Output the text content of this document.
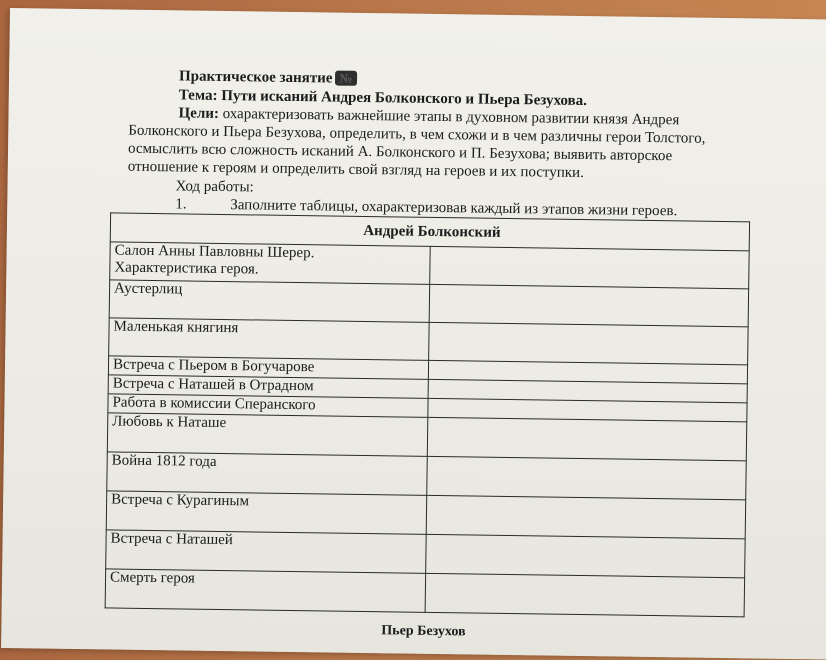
Практическое занятие №
Тема: Пути исканий Андрея Болконского и Пьера Безухова.
Цели: охарактеризовать важнейшие этапы в духовном развитии князя Андрея
Болконского и Пьера Безухова, определить, в чем схожи и в чем различны герои Толстого,
осмыслить всю сложность исканий А. Болконского и П. Безухова; выявить авторское
отношение к героям и определить свой взгляд на героев и их поступки.
Ход работы:
1.	Заполните таблицы, охарактеризовав каждый из этапов жизни героев.
Андрей Болконский	

Салон Анны Павловны Шерер.
Характеристика героя.	

Аустерлиц	
Маленькая княгиня	
Встреча с Пьером в Богучарове	
Встреча с Наташей в Отрадном	
Работа в комиссии Сперанского	
Любовь к Наташе	
Война 1812 года	
Встреча с Курагиным	
Встреча с Наташей	
Смерть героя	
Пьер Безухов
